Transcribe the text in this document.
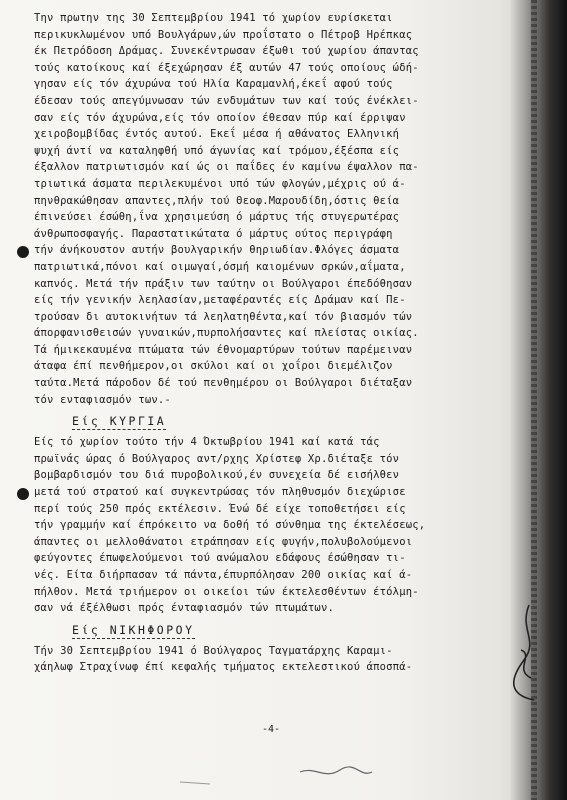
Την πρωτην της 30 Σεπτεμβρίου 1941 τό χωρίον ευρίσκεται
περικυκλωμένον υπό Βουλγάρων,ών προΐστατο ο Πέτροβ Ηρέπκας
έκ Πετρόδοση Δράμας. Συνεκέντρωσαν έξωθι τού χωρίου άπαντας
τούς κατοίκους καί έξεχώρησαν έξ αυτών 47 τούς οποίους ώδή-
γησαν είς τόν άχυρώνα τού Ηλία Καραμανλή,έκεΐ αφού τούς
έδεσαν τούς απεγύμνωσαν τών ενδυμάτων των καί τούς ένέκλει-
σαν είς τόν άχυρώνα,είς τόν οποίον έθεσαν πύρ καί έρριψαν
χειροβομβίδας έντός αυτού. Εκεΐ μέσα ή αθάνατος Ελληνική
ψυχή άντί να καταληφθή υπό άγωνίας καί τρόμου,έξέσπα είς
έξαλλον πατριωτισμόν καί ώς οι παΐδες έν καμίνω έψαλλον πα-
τριωτικά άσματα περιλεκυμένοι υπό τών φλογών,μέχρις ού ά-
πηνθρακώθησαν απαντες,πλήν τού Θεοφ.Μαρουδίδη,όστις θεία
έπινεύσει έσώθη,ΐνα χρησιμεύση ό μάρτυς τής στυγερωτέρας
άνθρωποσφαγής. Παραστατικώτατα ό μάρτυς ούτος περιγράφη
τήν άνήκουστον αυτήν βουλγαρικήν θηριωδίαν.Φλόγες άσματα
πατριωτικά,πόνοι καί οιμωγαί,όσμή καιομένων σρκών,αΐματα,
καπνός. Μετά τήν πράξιν των ταύτην οι Βούλγαροι έπεδόθησαν
είς τήν γενικήν λεηλασίαν,μεταφέραντές είς Δράμαν καί Πε-
τρούσαν δι αυτοκινήτων τά λεηλατηθέντα,καί τόν βιασμόν τών
άπορφανισθεισών γυναικών,πυρπολήσαντες καί πλείστας οικίας.
Τά ήμικεκαυμένα πτώματα τών έθνομαρτύρων τούτων παρέμειναν
άταφα έπί πενθήμερον,οι σκύλοι καί οι χοΐροι διεμέλιζον
ταύτα.Μετά πάροδον δέ τού πενθημέρου οι Βούλγαροι διέταξαν
τόν ενταφιασμόν των.-
Είς ΚΥΡΓΙΑ
Είς τό χωρίον τούτο τήν 4 Όκτωβρίου 1941 καί κατά τάς
πρωϊνάς ώρας ό Βούλγαρος αντ/ρχης Χρίστεφ Χρ.διέταξε τόν
βομβαρδισμόν του διά πυροβολικού,έν συνεχεία δέ εισήλθεν
μετά τού στρατού καί συγκεντρώσας τόν πληθυσμόν διεχώρισε
περί τούς 250 πρός εκτέλεσιν. Ένώ δέ είχε τοποθετήσει είς
τήν γραμμήν καί έπρόκειτο να δοθή τό σύνθημα της έκτελέσεως,
άπαντες οι μελλοθάνατοι ετράπησαν είς φυγήν,πολυβολούμενοι
φεύγοντες έπωφελούμενοι τού ανώμαλου εδάφους έσώθησαν τι-
νές. Είτα διήρπασαν τά πάντα,έπυρπόλησαν 200 οικίας καί ά-
πήλθον. Μετά τριήμερον οι οικείοι τών έκτελεσθέντων έτόλμη-
σαν νά έξέλθωσι πρός ένταφιασμόν τών πτωμάτων.
Είς ΝΙΚΗΦΟΡΟΥ
Τήν 30 Σεπτεμβρίου 1941 ό Βούλγαρος Ταγματάρχης Καραμι-
χάηλωφ Στραχίνωφ έπί κεφαλής τμήματος εκτελεστικού άποσπά-
-4-
